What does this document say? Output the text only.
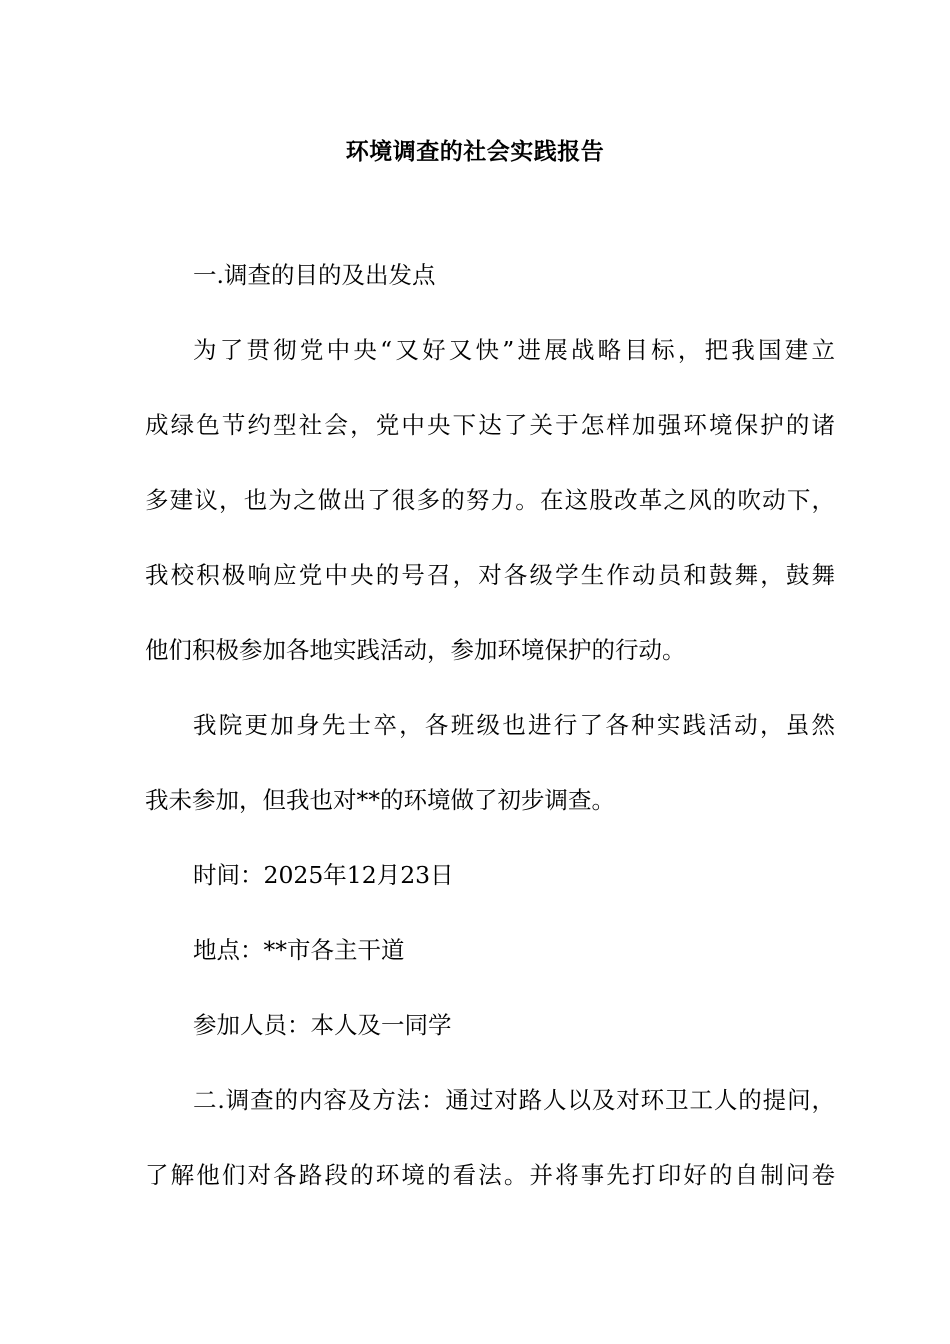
环境调查的社会实践报告
一.调查的目的及出发点
为了贯彻党中央“又好又快”进展战略目标，把我国建立
成绿色节约型社会，党中央下达了关于怎样加强环境保护的诸
多建议，也为之做出了很多的努力。在这股改革之风的吹动下，
我校积极响应党中央的号召，对各级学生作动员和鼓舞，鼓舞
他们积极参加各地实践活动，参加环境保护的行动。
我院更加身先士卒，各班级也进行了各种实践活动，虽然
我未参加，但我也对**的环境做了初步调查。
时间：2025年12月23日
地点：**市各主干道
参加人员：本人及一同学
二.调查的内容及方法：通过对路人以及对环卫工人的提问，
了解他们对各路段的环境的看法。并将事先打印好的自制问卷
